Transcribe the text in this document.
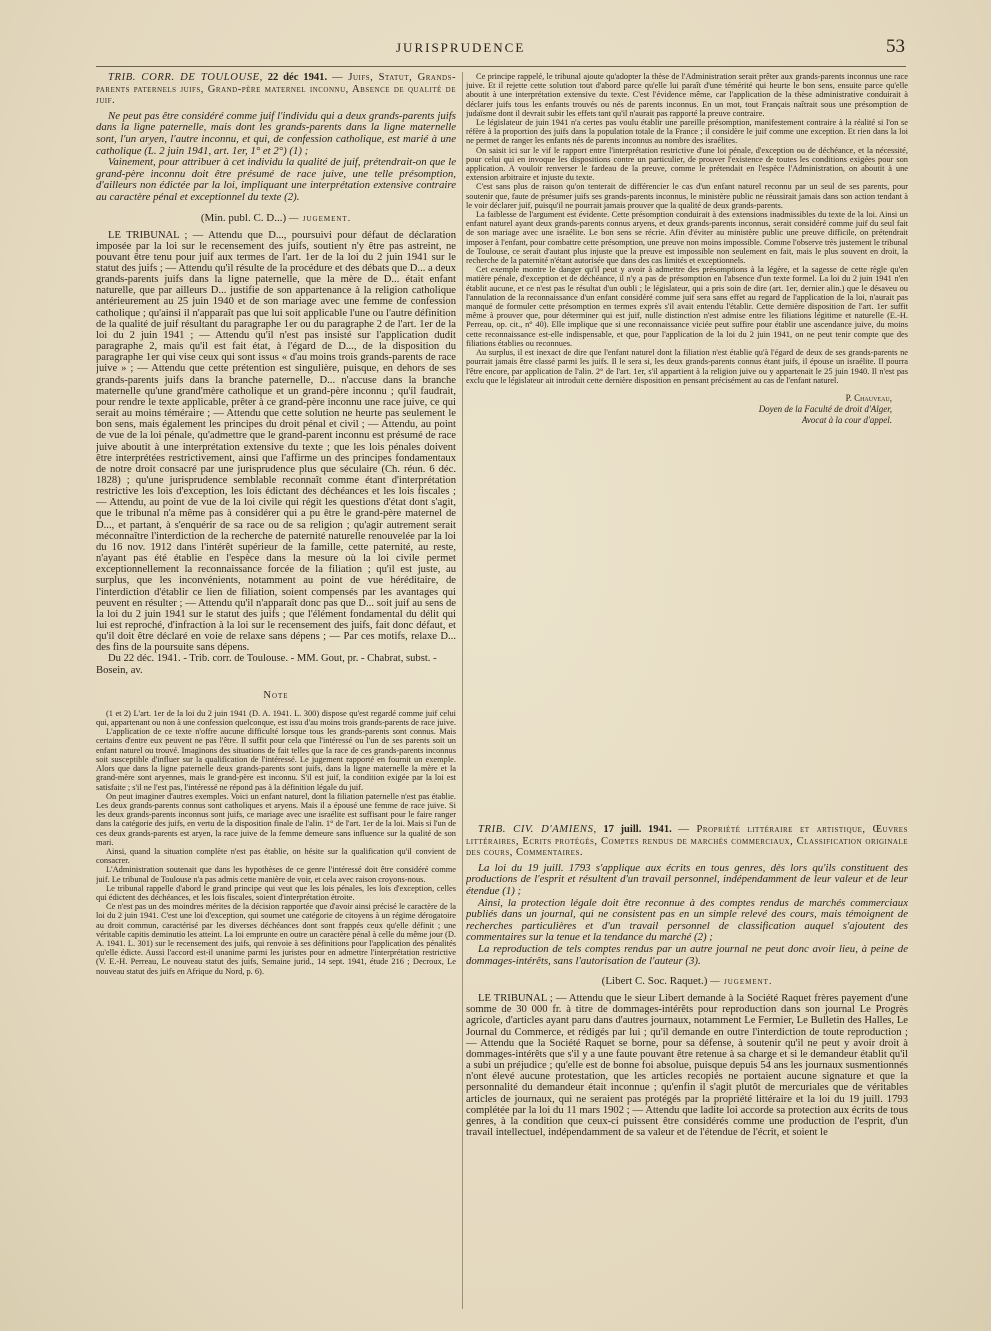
JURISPRUDENCE	53

TRIB. CORR. DE TOULOUSE, 22 déc 1941. — Juifs, Statut, Grands-parents paternels juifs, Grand-père maternel inconnu, Absence de qualité de juif.

Ne peut pas être considéré comme juif l'individu qui a deux grands-parents juifs dans la ligne paternelle, mais dont les grands-parents dans la ligne maternelle sont, l'un aryen, l'autre inconnu, et qui, de confession catholique, est marié à une catholique (L. 2 juin 1941, art. 1er, 1° et 2°) (1) ;

Vainement, pour attribuer à cet individu la qualité de juif, prétendrait-on que le grand-père inconnu doit être présumé de race juive, une telle présomption, d'ailleurs non édictée par la loi, impliquant une interprétation extensive contraire au caractère pénal et exceptionnel du texte (2).

(Min. publ. C. D...) — jugement.

LE TRIBUNAL ; — Attendu que D..., poursuivi pour défaut de déclaration imposée par la loi sur le recensement des juifs, soutient n'y être pas astreint, ne pouvant être tenu pour juif aux termes de l'art. 1er de la loi du 2 juin 1941 sur le statut des juifs ; — Attendu qu'il résulte de la procédure et des débats que D... a deux grands-parents juifs dans la ligne paternelle, que la mère de D... était enfant naturelle, que par ailleurs D... justifie de son appartenance à la religion catholique antérieurement au 25 juin 1940 et de son mariage avec une femme de confession catholique ; qu'ainsi il n'apparaît pas que lui soit applicable l'une ou l'autre définition de la qualité de juif résultant du paragraphe 1er ou du paragraphe 2 de l'art. 1er de la loi du 2 juin 1941 ; — Attendu qu'il n'est pas insisté sur l'application dudit paragraphe 2, mais qu'il est fait état, à l'égard de D..., de la disposition du paragraphe 1er qui vise ceux qui sont issus « d'au moins trois grands-parents de race juive » ; — Attendu que cette prétention est singulière, puisque, en dehors de ses grands-parents juifs dans la branche paternelle, D... n'accuse dans la branche maternelle qu'une grand'mère catholique et un grand-père inconnu ; qu'il faudrait, pour rendre le texte applicable, prêter à ce grand-père inconnu une race juive, ce qui serait au moins téméraire ; — Attendu que cette solution ne heurte pas seulement le bon sens, mais également les principes du droit pénal et civil ; — Attendu, au point de vue de la loi pénale, qu'admettre que le grand-parent inconnu est présumé de race juive aboutit à une interprétation extensive du texte ; que les lois pénales doivent être interprétées restrictivement, ainsi que l'affirme un des principes fondamentaux de notre droit consacré par une jurisprudence plus que séculaire (Ch. réun. 6 déc. 1828) ; qu'une jurisprudence semblable reconnaît comme étant d'interprétation restrictive les lois d'exception, les lois édictant des déchéances et les lois fiscales ; — Attendu, au point de vue de la loi civile qui régit les questions d'état dont s'agit, que le tribunal n'a même pas à considérer qui a pu être le grand-père maternel de D..., et partant, à s'enquérir de sa race ou de sa religion ; qu'agir autrement serait méconnaître l'interdiction de la recherche de paternité naturelle renouvelée par la loi du 16 nov. 1912 dans l'intérêt supérieur de la famille, cette paternité, au reste, n'ayant pas été établie en l'espèce dans la mesure où la loi civile permet exceptionnellement la reconnaissance forcée de la filiation ; qu'il est juste, au surplus, que les inconvénients, notamment au point de vue héréditaire, de l'interdiction d'établir ce lien de filiation, soient compensés par les avantages qui peuvent en résulter ; — Attendu qu'il n'apparaît donc pas que D... soit juif au sens de la loi du 2 juin 1941 sur le statut des juifs ; que l'élément fondamental du délit qui lui est reproché, d'infraction à la loi sur le recensement des juifs, fait donc défaut, et qu'il doit être déclaré en voie de relaxe sans dépens ; — Par ces motifs, relaxe D... des fins de la poursuite sans dépens.

Du 22 déc. 1941. - Trib. corr. de Toulouse. - MM. Gout, pr. - Chabrat, subst. - Bosein, av.

Note

(1 et 2) L'art. 1er de la loi du 2 juin 1941 (D. A. 1941. L. 300) dispose qu'est regardé comme juif celui qui, appartenant ou non à une confession quelconque, est issu d'au moins trois grands-parents de race juive.

L'application de ce texte n'offre aucune difficulté lorsque tous les grands-parents sont connus. Mais certains d'entre eux peuvent ne pas l'être. Il suffit pour cela que l'intéressé ou l'un de ses parents soit un enfant naturel ou trouvé. Imaginons des situations de fait telles que la race de ces grands-parents inconnus soit susceptible d'influer sur la qualification de l'intéressé. Le jugement rapporté en fournit un exemple. Alors que dans la ligne paternelle deux grands-parents sont juifs, dans la ligne maternelle la mère et la grand-mère sont aryennes, mais le grand-père est inconnu. S'il est juif, la condition exigée par la loi est satisfaite ; s'il ne l'est pas, l'intéressé ne répond pas à la définition légale du juif.

On peut imaginer d'autres exemples. Voici un enfant naturel, dont la filiation paternelle n'est pas établie. Les deux grands-parents connus sont catholiques et aryens. Mais il a épousé une femme de race juive. Si les deux grands-parents inconnus sont juifs, ce mariage avec une israélite est suffisant pour le faire ranger dans la catégorie des juifs, en vertu de la disposition finale de l'alin. 1° de l'art. 1er de la loi. Mais si l'un de ces deux grands-parents est aryen, la race juive de la femme demeure sans influence sur la qualité de son mari.

Ainsi, quand la situation complète n'est pas établie, on hésite sur la qualification qu'il convient de consacrer.

L'Administration soutenait que dans les hypothèses de ce genre l'intéressé doit être considéré comme juif. Le tribunal de Toulouse n'a pas admis cette manière de voir, et cela avec raison croyons-nous.

Le tribunal rappelle d'abord le grand principe qui veut que les lois pénales, les lois d'exception, celles qui édictent des déchéances, et les lois fiscales, soient d'interprétation étroite.

Ce n'est pas un des moindres mérites de la décision rapportée que d'avoir ainsi précisé le caractère de la loi du 2 juin 1941. C'est une loi d'exception, qui soumet une catégorie de citoyens à un régime dérogatoire au droit commun, caractérisé par les diverses déchéances dont sont frappés ceux qu'elle définit ; une véritable capitis deminutio les atteint. La loi emprunte en outre un caractère pénal à celle du même jour (D. A. 1941. L. 301) sur le recensement des juifs, qui renvoie à ses définitions pour l'application des pénalités qu'elle édicte. Aussi l'accord est-il unanime parmi les juristes pour en admettre l'interprétation restrictive (V. E.-H. Perreau, Le nouveau statut des juifs, Semaine jurid., 14 sept. 1941, étude 216 ; Decroux, Le nouveau statut des juifs en Afrique du Nord, p. 6).

Ce principe rappelé, le tribunal ajoute qu'adopter la thèse de l'Administration serait prêter aux grands-parents inconnus une race juive. Et il rejette cette solution tout d'abord parce qu'elle lui paraît d'une témérité qui heurte le bon sens, ensuite parce qu'elle aboutit à une interprétation extensive du texte. C'est l'évidence même, car l'application de la thèse administrative conduirait à déclarer juifs tous les enfants trouvés ou nés de parents inconnus. En un mot, tout Français naîtrait sous une présomption de judaïsme dont il devrait subir les effets tant qu'il n'aurait pas rapporté la preuve contraire.

Le législateur de juin 1941 n'a certes pas voulu établir une pareille présomption, manifestement contraire à la réalité si l'on se réfère à la proportion des juifs dans la population totale de la France ; il considère le juif comme une exception. Et rien dans la loi ne permet de ranger les enfants nés de parents inconnus au nombre des israélites.

On saisit ici sur le vif le rapport entre l'interprétation restrictive d'une loi pénale, d'exception ou de déchéance, et la nécessité, pour celui qui en invoque les dispositions contre un particulier, de prouver l'existence de toutes les conditions exigées pour son application. A vouloir renverser le fardeau de la preuve, comme le prétendait en l'espèce l'Administration, on aboutit à une extension arbitraire et injuste du texte.

C'est sans plus de raison qu'on tenterait de différencier le cas d'un enfant naturel reconnu par un seul de ses parents, pour soutenir que, faute de présumer juifs ses grands-parents inconnus, le ministère public ne réussirait jamais dans son action tendant à le voir déclarer juif, puisqu'il ne pourrait jamais prouver que la qualité de deux grands-parents.

La faiblesse de l'argument est évidente. Cette présomption conduirait à des extensions inadmissibles du texte de la loi. Ainsi un enfant naturel ayant deux grands-parents connus aryens, et deux grands-parents inconnus, serait considéré comme juif du seul fait de son mariage avec une israélite. Le bon sens se récrie. Afin d'éviter au ministère public une preuve difficile, on prétendrait imposer à l'enfant, pour combattre cette présomption, une preuve non moins impossible. Comme l'observe très justement le tribunal de Toulouse, ce serait d'autant plus injuste que la preuve est impossible non seulement en fait, mais le plus souvent en droit, la recherche de la paternité n'étant autorisée que dans des cas limités et exceptionnels.

Cet exemple montre le danger qu'il peut y avoir à admettre des présomptions à la légère, et la sagesse de cette règle qu'en matière pénale, d'exception et de déchéance, il n'y a pas de présomption en l'absence d'un texte formel. La loi du 2 juin 1941 n'en établit aucune, et ce n'est pas le résultat d'un oubli ; le législateur, qui a pris soin de dire (art. 1er, dernier alin.) que le désaveu ou l'annulation de la reconnaissance d'un enfant considéré comme juif sera sans effet au regard de l'application de la loi, n'aurait pas manqué de formuler cette présomption en termes exprès s'il avait entendu l'établir. Cette dernière disposition de l'art. 1er suffit même à prouver que, pour déterminer qui est juif, nulle distinction n'est admise entre les filiations légitime et naturelle (E.-H. Perreau, op. cit., n° 40). Elle implique que si une reconnaissance viciée peut suffire pour établir une ascendance juive, du moins cette reconnaissance est-elle indispensable, et que, pour l'application de la loi du 2 juin 1941, on ne peut tenir compte que des filiations établies ou reconnues.

Au surplus, il est inexact de dire que l'enfant naturel dont la filiation n'est établie qu'à l'égard de deux de ses grands-parents ne pourrait jamais être classé parmi les juifs. Il le sera si, les deux grands-parents connus étant juifs, il épouse un israélite. Il pourra l'être encore, par application de l'alin. 2° de l'art. 1er, s'il appartient à la religion juive ou y appartenait le 25 juin 1940. Il n'est pas exclu que le législateur ait introduit cette dernière disposition en pensant précisément au cas de l'enfant naturel.

P. Chauveau,
Doyen de la Faculté de droit d'Alger,
Avocat à la cour d'appel.

TRIB. CIV. D'AMIENS, 17 juill. 1941. — Propriété littéraire et artistique, Œuvres littéraires, Ecrits protégés, Comptes rendus de marchés commerciaux, Classification originale des cours, Commentaires.

La loi du 19 juill. 1793 s'applique aux écrits en tous genres, dès lors qu'ils constituent des productions de l'esprit et résultent d'un travail personnel, indépendamment de leur valeur et de leur étendue (1) ;

Ainsi, la protection légale doit être reconnue à des comptes rendus de marchés commerciaux publiés dans un journal, qui ne consistent pas en un simple relevé des cours, mais témoignent de recherches particulières et d'un travail personnel de classification auquel s'ajoutent des commentaires sur la tenue et la tendance du marché (2) ;

La reproduction de tels comptes rendus par un autre journal ne peut donc avoir lieu, à peine de dommages-intérêts, sans l'autorisation de l'auteur (3).

(Libert C. Soc. Raquet.) — jugement.

LE TRIBUNAL ; — Attendu que le sieur Libert demande à la Société Raquet frères payement d'une somme de 30 000 fr. à titre de dommages-intérêts pour reproduction dans son journal Le Progrès agricole, d'articles ayant paru dans d'autres journaux, notamment Le Fermier, Le Bulletin des Halles, Le Journal du Commerce, et rédigés par lui ; qu'il demande en outre l'interdiction de toute reproduction ; — Attendu que la Société Raquet se borne, pour sa défense, à soutenir qu'il ne peut y avoir droit à dommages-intérêts que s'il y a une faute pouvant être retenue à sa charge et si le demandeur établit qu'il a subi un préjudice ; qu'elle est de bonne foi absolue, puisque depuis 54 ans les journaux susmentionnés n'ont élevé aucune protestation, que les articles recopiés ne portaient aucune signature et que la personnalité du demandeur était inconnue ; qu'enfin il s'agit plutôt de mercuriales que de véritables articles de journaux, qui ne seraient pas protégés par la propriété littéraire et la loi du 19 juill. 1793 complétée par la loi du 11 mars 1902 ; — Attendu que ladite loi accorde sa protection aux écrits de tous genres, à la condition que ceux-ci puissent être considérés comme une production de l'esprit, d'un travail intellectuel, indépendamment de sa valeur et de l'étendue de l'écrit, et soient le
